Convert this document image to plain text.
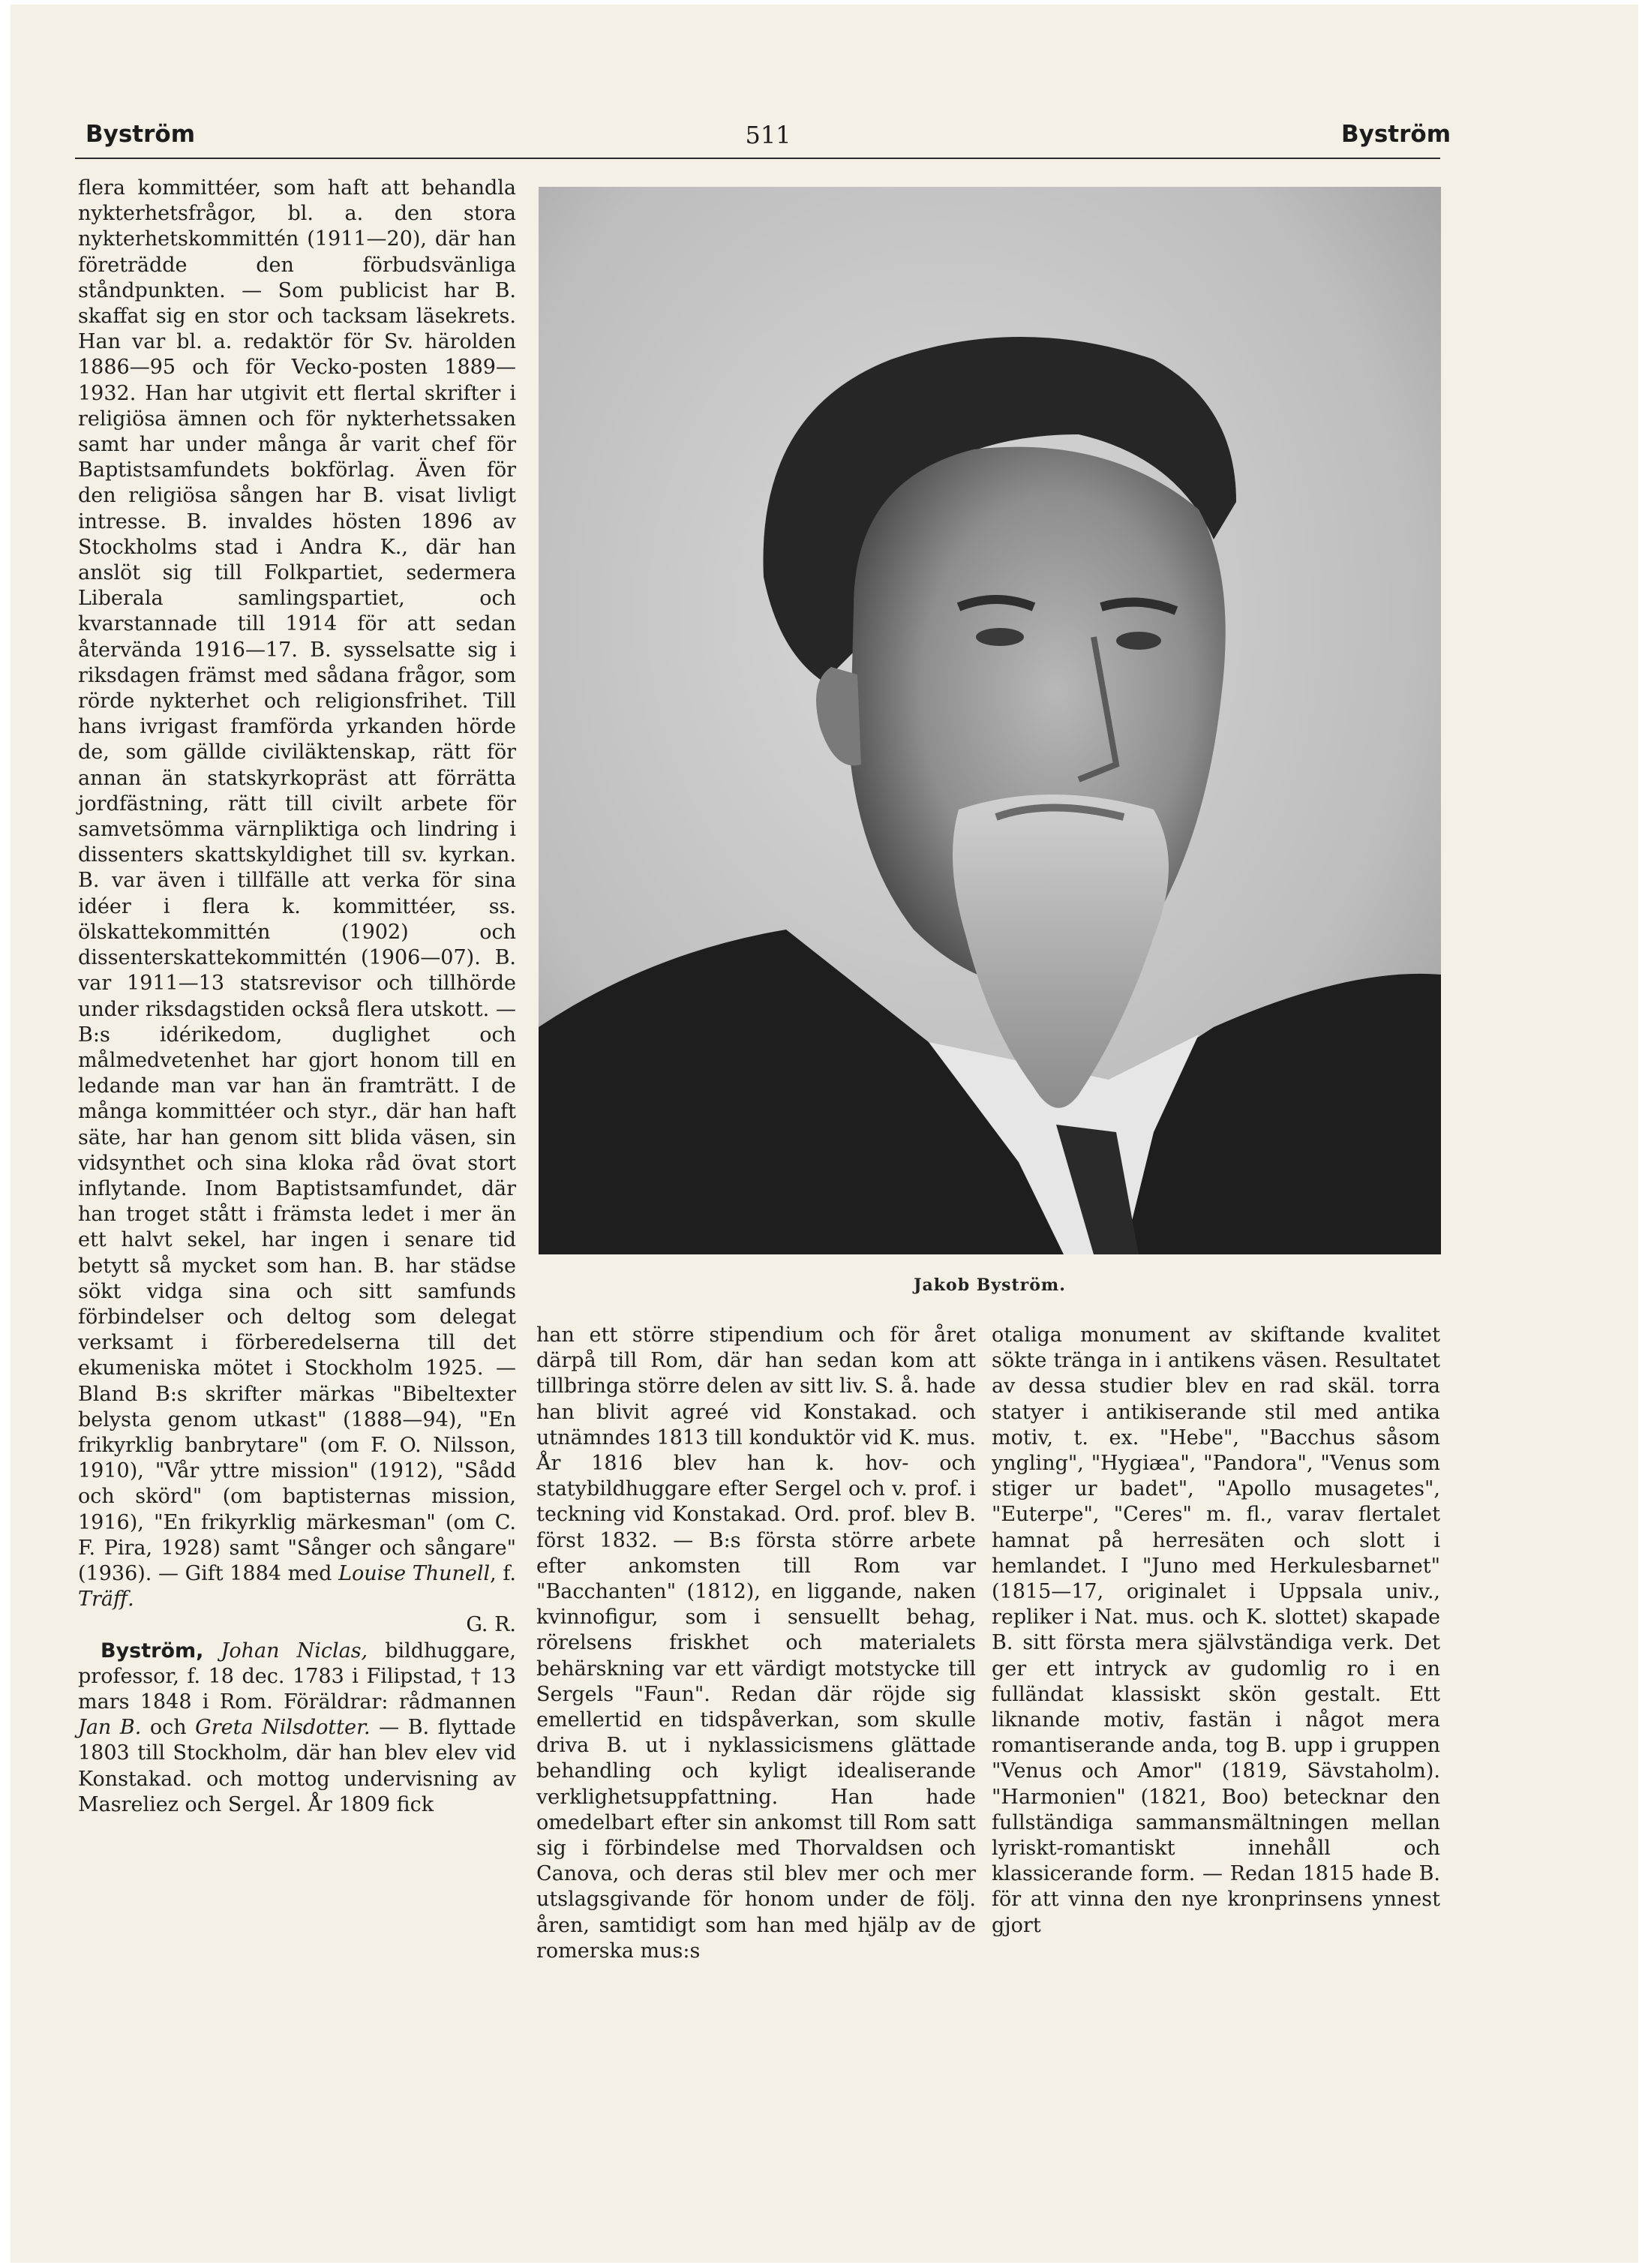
Byström	511	Byström

flera kommittéer, som haft att behandla nykterhetsfrågor, bl. a. den stora nykterhetskommittén (1911—20), där han företrädde den förbudsvänliga ståndpunkten. — Som publicist har B. skaffat sig en stor och tacksam läsekrets. Han var bl. a. redaktör för Sv. härolden 1886—95 och för Vecko-posten 1889—1932. Han har utgivit ett flertal skrifter i religiösa ämnen och för nykterhetssaken samt har under många år varit chef för Baptistsamfundets bokförlag. Även för den religiösa sången har B. visat livligt intresse. B. invaldes hösten 1896 av Stockholms stad i Andra K., där han anslöt sig till Folkpartiet, sedermera Liberala samlingspartiet, och kvarstannade till 1914 för att sedan återvända 1916—17. B. sysselsatte sig i riksdagen främst med sådana frågor, som rörde nykterhet och religionsfrihet. Till hans ivrigast framförda yrkanden hörde de, som gällde civiläktenskap, rätt för annan än statskyrkopräst att förrätta jordfästning, rätt till civilt arbete för samvetsömma värnpliktiga och lindring i dissenters skattskyldighet till sv. kyrkan. B. var även i tillfälle att verka för sina idéer i flera k. kommittéer, ss. ölskattekommittén (1902) och dissenterskattekommittén (1906—07). B. var 1911—13 statsrevisor och tillhörde under riksdagstiden också flera utskott. — B:s idérikedom, duglighet och målmedvetenhet har gjort honom till en ledande man var han än framträtt. I de många kommittéer och styr., där han haft säte, har han genom sitt blida väsen, sin vidsynthet och sina kloka råd övat stort inflytande. Inom Baptistsamfundet, där han troget stått i främsta ledet i mer än ett halvt sekel, har ingen i senare tid betytt så mycket som han. B. har städse sökt vidga sina och sitt samfunds förbindelser och deltog som delegat verksamt i förberedelserna till det ekumeniska mötet i Stockholm 1925. — Bland B:s skrifter märkas "Bibeltexter belysta genom utkast" (1888—94), "En frikyrklig banbrytare" (om F. O. Nilsson, 1910), "Vår yttre mission" (1912), "Sådd och skörd" (om baptisternas mission, 1916), "En frikyrklig märkesman" (om C. F. Pira, 1928) samt "Sånger och sångare" (1936). — Gift 1884 med Louise Thunell, f. Träff.

G. R.

Byström, Johan Niclas, bildhuggare, professor, f. 18 dec. 1783 i Filipstad, † 13 mars 1848 i Rom. Föräldrar: rådmannen Jan B. och Greta Nilsdotter. — B. flyttade 1803 till Stockholm, där han blev elev vid Konstakad. och mottog undervisning av Masreliez och Sergel. År 1809 fick

Jakob Byström.

han ett större stipendium och för året därpå till Rom, där han sedan kom att tillbringa större delen av sitt liv. S. å. hade han blivit agreé vid Konstakad. och utnämndes 1813 till konduktör vid K. mus. År 1816 blev han k. hov- och statybildhuggare efter Sergel och v. prof. i teckning vid Konstakad. Ord. prof. blev B. först 1832. — B:s första större arbete efter ankomsten till Rom var "Bacchanten" (1812), en liggande, naken kvinnofigur, som i sensuellt behag, rörelsens friskhet och materialets behärskning var ett värdigt motstycke till Sergels "Faun". Redan där röjde sig emellertid en tidspåverkan, som skulle driva B. ut i nyklassicismens glättade behandling och kyligt idealiserande verklighetsuppfattning. Han hade omedelbart efter sin ankomst till Rom satt sig i förbindelse med Thorvaldsen och Canova, och deras stil blev mer och mer utslagsgivande för honom under de följ. åren, samtidigt som han med hjälp av de romerska mus:s

otaliga monument av skiftande kvalitet sökte tränga in i antikens väsen. Resultatet av dessa studier blev en rad skäl. torra statyer i antikiserande stil med antika motiv, t. ex. "Hebe", "Bacchus såsom yngling", "Hygiæa", "Pandora", "Venus som stiger ur badet", "Apollo musagetes", "Euterpe", "Ceres" m. fl., varav flertalet hamnat på herresäten och slott i hemlandet. I "Juno med Herkulesbarnet" (1815—17, originalet i Uppsala univ., repliker i Nat. mus. och K. slottet) skapade B. sitt första mera självständiga verk. Det ger ett intryck av gudomlig ro i en fulländat klassiskt skön gestalt. Ett liknande motiv, fastän i något mera romantiserande anda, tog B. upp i gruppen "Venus och Amor" (1819, Sävstaholm). "Harmonien" (1821, Boo) betecknar den fullständiga sammansmältningen mellan lyriskt-romantiskt innehåll och klassicerande form. — Redan 1815 hade B. för att vinna den nye kronprinsens ynnest gjort
